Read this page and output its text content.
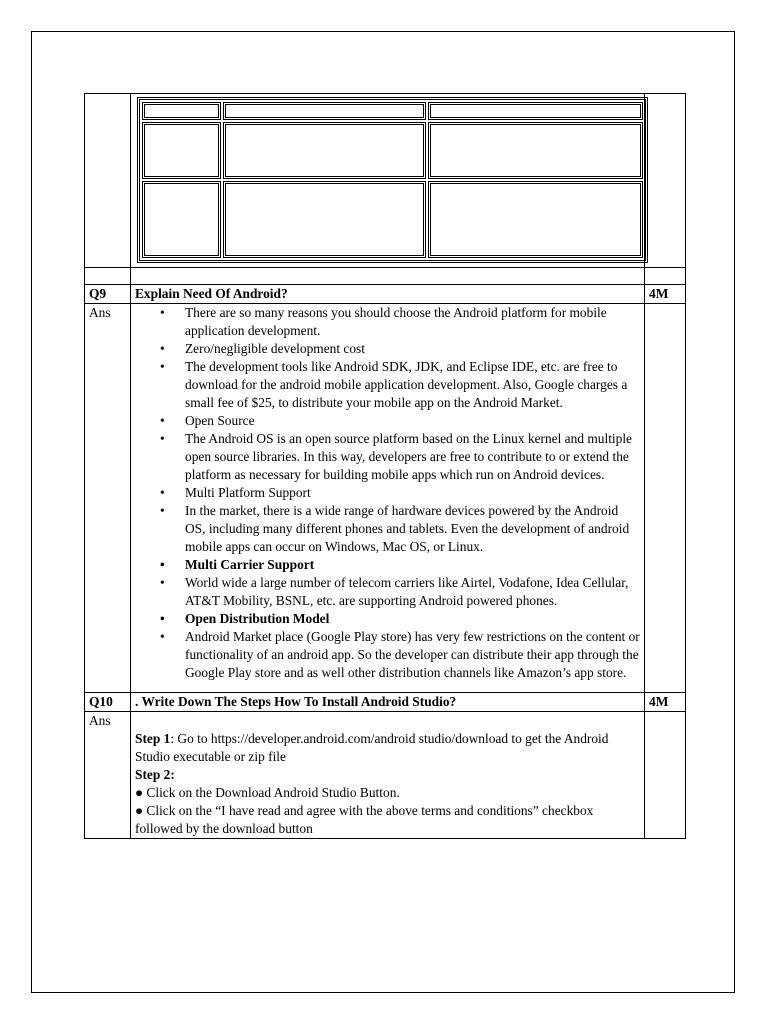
Q9	Explain Need Of Android?	4M
Ans	
•There are so many reasons you should choose the Android platform for mobile application development.
• Zero/negligible development cost
• The development tools like Android SDK, JDK, and Eclipse IDE, etc. are free to download for the android mobile application development. Also, Google charges a small fee of $25, to distribute your mobile app on the Android Market.
• Open Source
• The Android OS is an open source platform based on the Linux kernel and multiple open source libraries. In this way, developers are free to contribute to or extend the platform as necessary for building mobile apps which run on Android devices.
• Multi Platform Support
• In the market, there is a wide range of hardware devices powered by the Android OS, including many different phones and tablets. Even the development of android mobile apps can occur on Windows, Mac OS, or Linux.
• Multi Carrier Support
• World wide a large number of telecom carriers like Airtel, Vodafone, Idea Cellular, AT&T Mobility, BSNL, etc. are supporting Android powered phones.
• Open Distribution Model
• Android Market place (Google Play store) has very few restrictions on the content or functionality of an android app. So the developer can distribute their app through the Google Play store and as well other distribution channels like Amazon’s app store.

Q10	. Write Down The Steps How To Install Android Studio?	4M
Ans	
Step 1: Go to https://developer.android.com/android studio/download to get the Android Studio executable or zip file
Step 2:
● Click on the Download Android Studio Button.
● Click on the “I have read and agree with the above terms and conditions” checkbox followed by the download button
